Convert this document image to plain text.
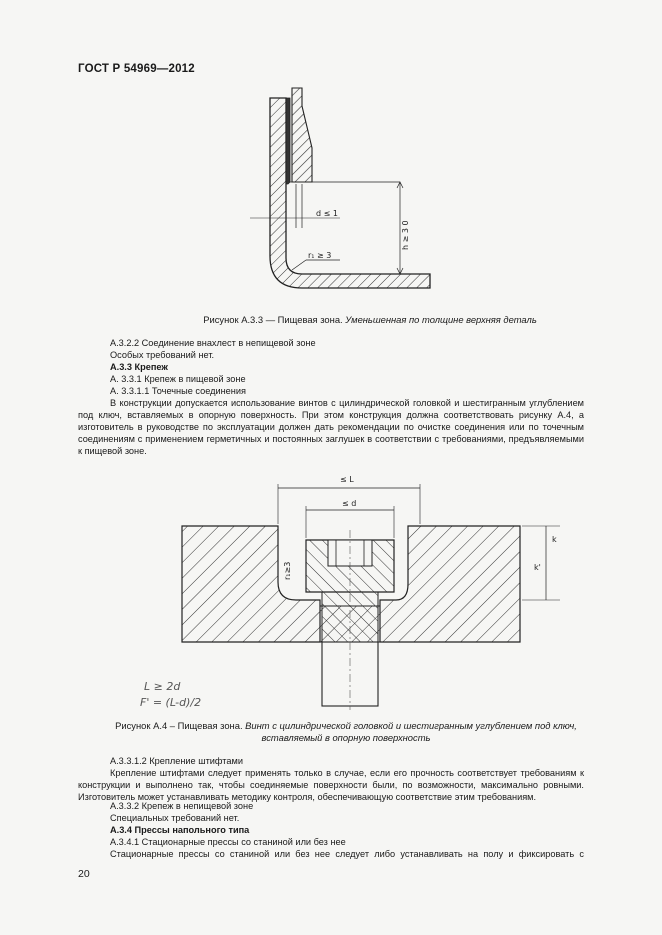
ГОСТ Р 54969—2012
d ≤ 1
h ≥ 3 0
r₁ ≥ 3
Рисунок А.3.3 — Пищевая зона. Уменьшенная по толщине верхняя деталь
А.3.2.2 Соединение внахлест в непищевой зоне
Особых требований нет.
А.3.3 Крепеж
А. 3.3.1 Крепеж в пищевой зоне
А. 3.3.1.1 Точечные соединения
В конструкции допускается использование винтов с цилиндрической головкой и шестигранным углублением под ключ, вставляемых в опорную поверхность. При этом конструкция должна соответствовать рисунку А.4, а изготовитель в руководстве по эксплуатации должен дать рекомендации по очистке соединения или по точечным соединениям с применением герметичных и постоянных заглушек в соответствии с требованиями, предъявляемыми к пищевой зоне.
≤ L
≤ d
r₁≥3
k
k'
L ≥ 2d
F' = (L-d)/2
Рисунок А.4 – Пищевая зона. Винт с цилиндрической головкой и шестигранным углублением под ключ,
вставляемый в опорную поверхность
А.3.3.1.2 Крепление штифтами
Крепление штифтами следует применять только в случае, если его прочность соответствует требованиям к конструкции и выполнено так, чтобы соединяемые поверхности были, по возможности, максимально ровными. Изготовитель может устанавливать методику контроля, обеспечивающую соответствие этим требованиям.
А.3.3.2 Крепеж в непищевой зоне
Специальных требований нет.
А.3.4 Прессы напольного типа
А.3.4.1 Стационарные прессы со станиной или без нее
Стационарные прессы со станиной или без нее следует либо устанавливать на полу и фиксировать с
20
